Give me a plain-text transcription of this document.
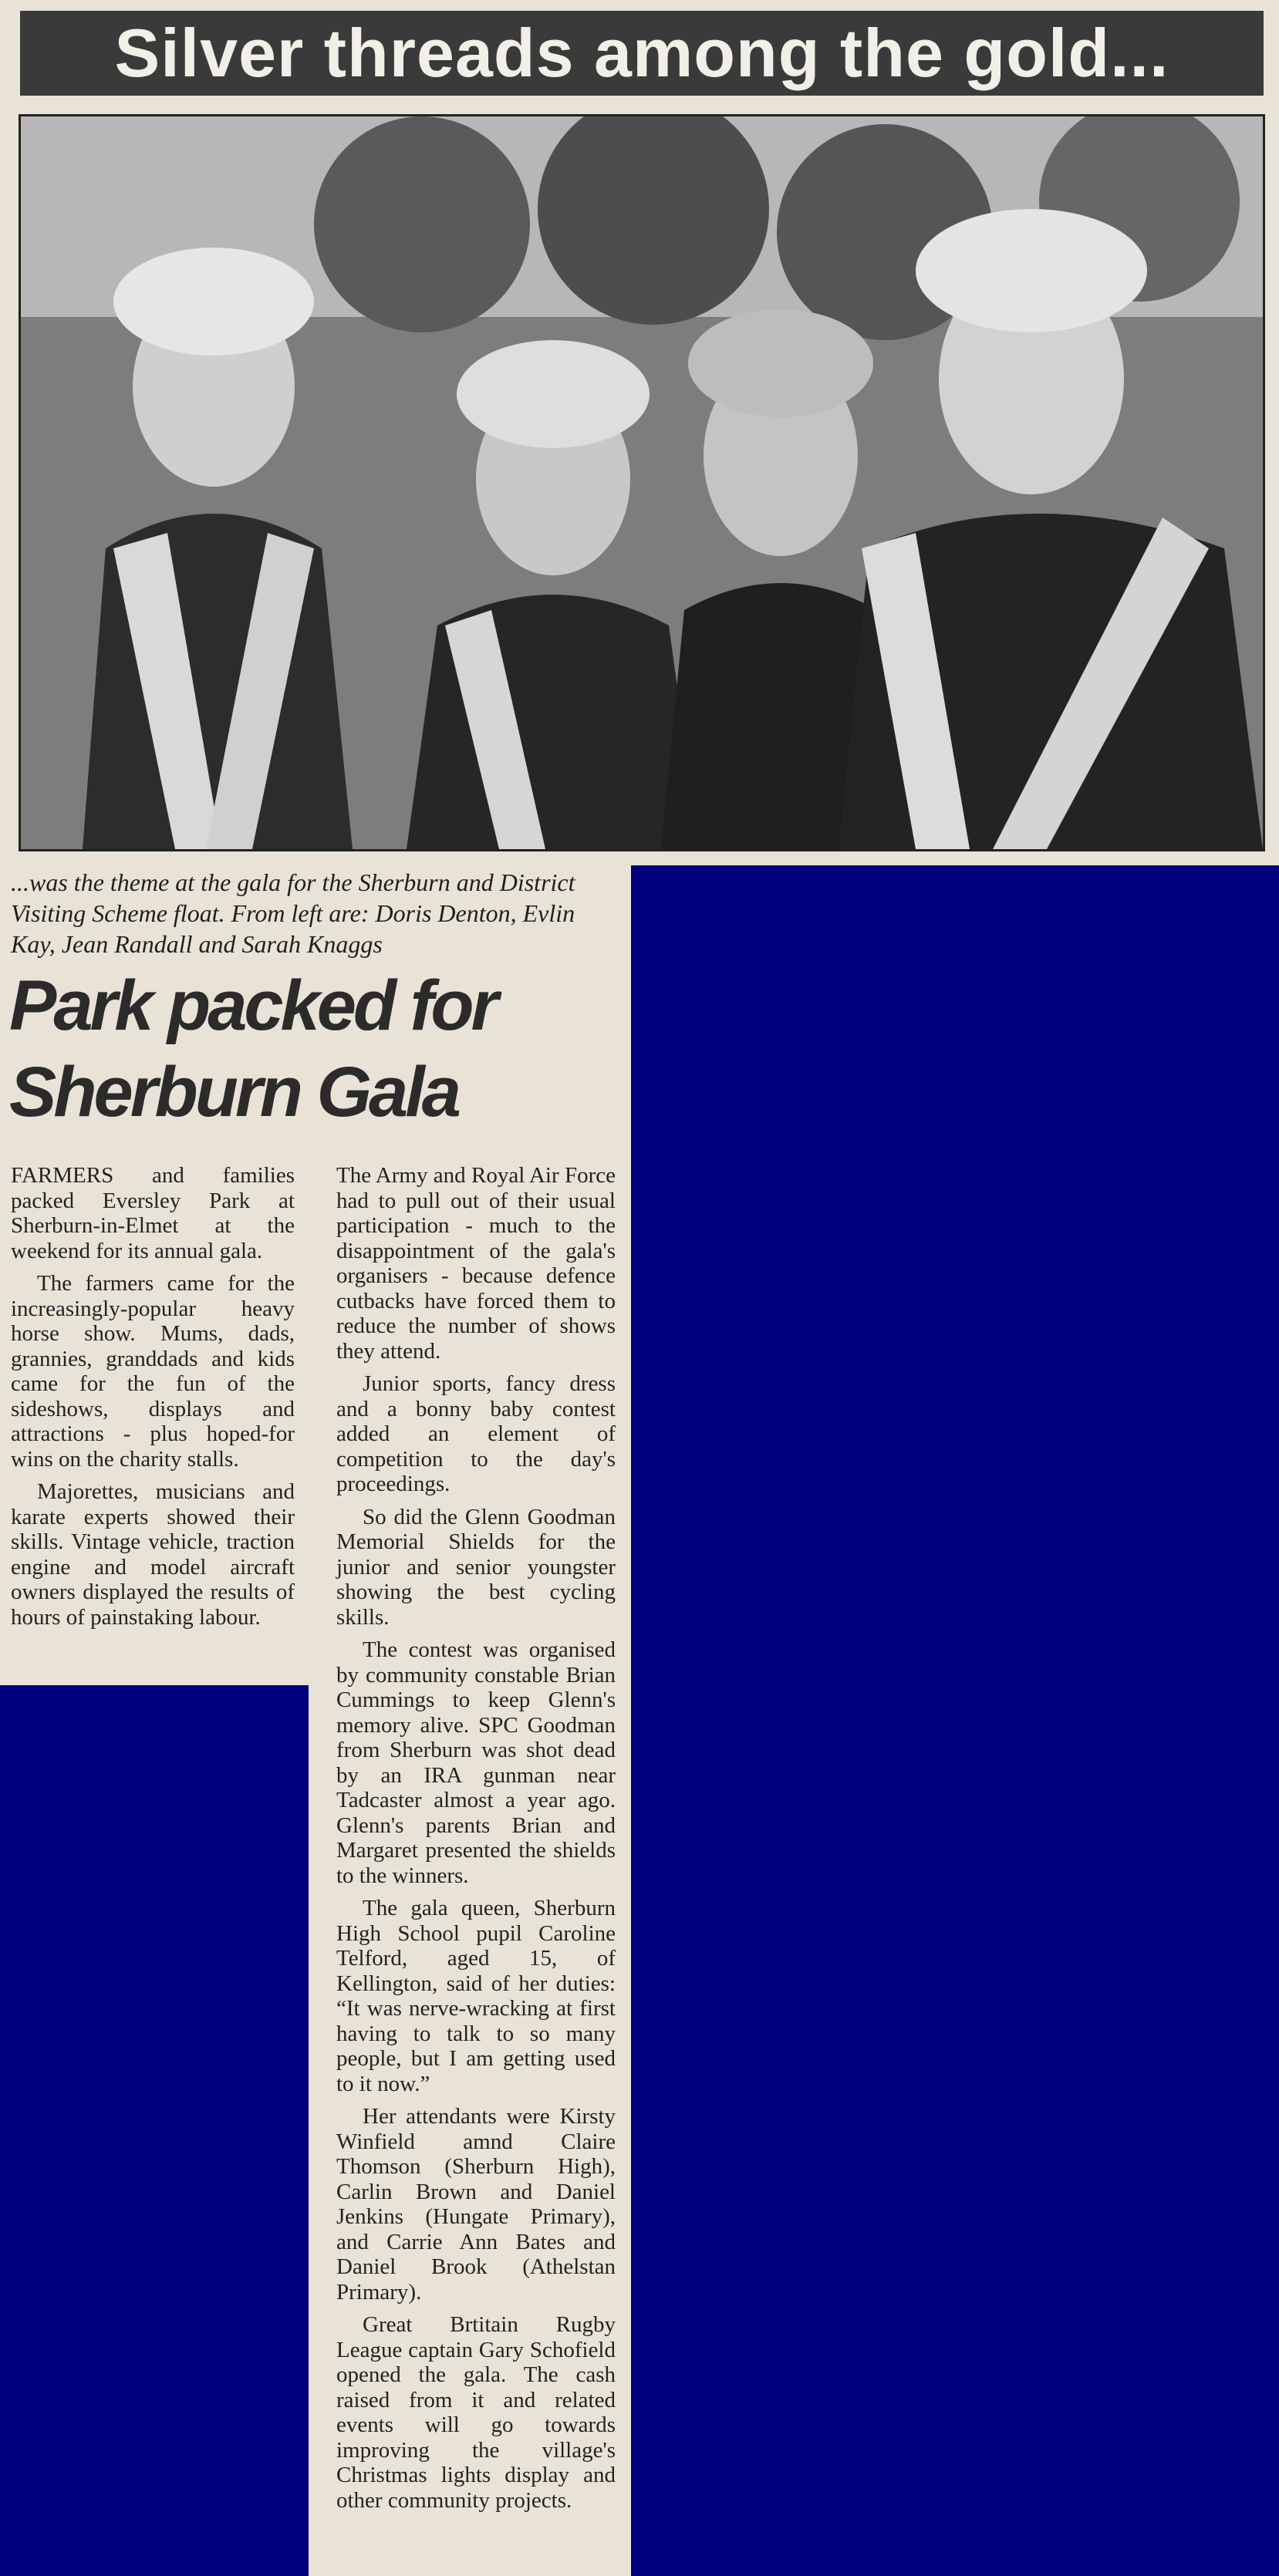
Silver threads among the gold...
...was the theme at the gala for the Sherburn and District Visiting Scheme float. From left are: Doris Denton, Evlin Kay, Jean Randall and Sarah Knaggs
Park packed for
Sherburn Gala

FARMERS and families packed Eversley Park at Sherburn-in-Elmet at the weekend for its annual gala.

The farmers came for the increasingly-popular heavy horse show. Mums, dads, grannies, granddads and kids came for the fun of the sideshows, displays and attractions - plus hoped-for wins on the charity stalls.

Majorettes, musicians and karate experts showed their skills. Vintage vehicle, traction engine and model aircraft owners displayed the results of hours of painstaking labour.

The Army and Royal Air Force had to pull out of their usual participation - much to the disappointment of the gala's organisers - because defence cutbacks have forced them to reduce the number of shows they attend.

Junior sports, fancy dress and a bonny baby contest added an element of competition to the day's proceedings.

So did the Glenn Goodman Memorial Shields for the junior and senior youngster showing the best cycling skills.

The contest was organised by community constable Brian Cummings to keep Glenn's memory alive. SPC Goodman from Sherburn was shot dead by an IRA gunman near Tadcaster almost a year ago. Glenn's parents Brian and Margaret presented the shields to the winners.

The gala queen, Sherburn High School pupil Caroline Telford, aged 15, of Kellington, said of her duties: “It was nerve-wracking at first having to talk to so many people, but I am getting used to it now.”

Her attendants were Kirsty Winfield amnd Claire Thomson (Sherburn High), Carlin Brown and Daniel Jenkins (Hungate Primary), and Carrie Ann Bates and Daniel Brook (Athelstan Primary).

Great Brtitain Rugby League captain Gary Schofield opened the gala. The cash raised from it and related events will go towards improving the village's Christmas lights display and other community projects.
